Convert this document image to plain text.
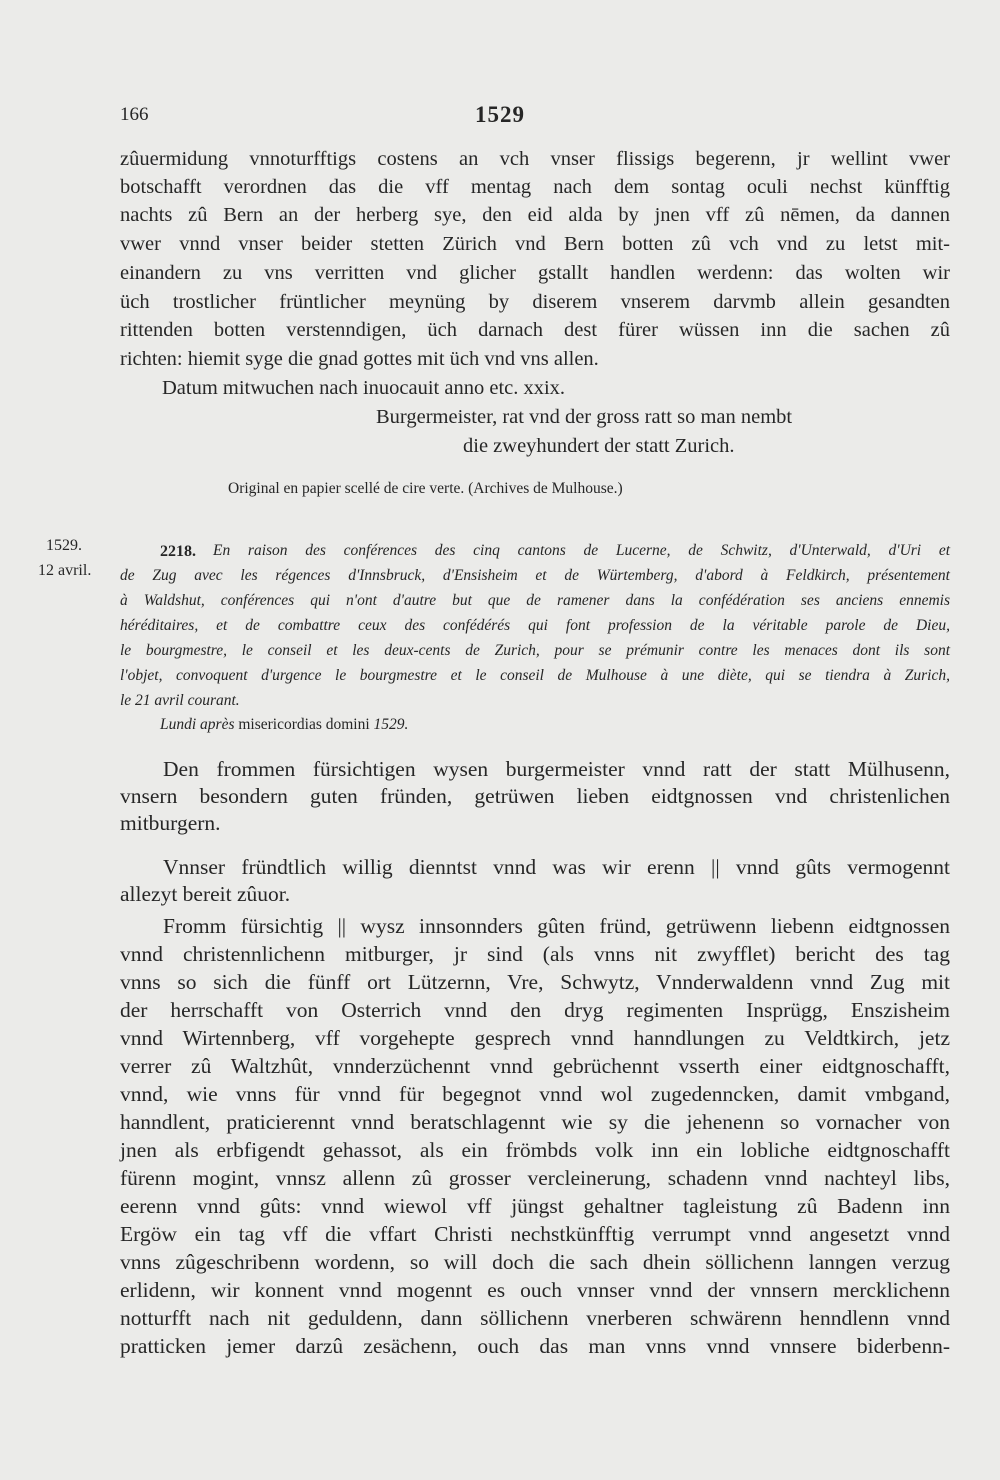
166	1529
zûuermidung vnnoturfftigs costens an vch vnser flissigs begerenn, jr wellint vwer
botschafft verordnen das die vff mentag nach dem sontag oculi nechst künfftig
nachts zû Bern an der herberg sye, den eid alda by jnen vff zû nēmen, da dannen
vwer vnnd vnser beider stetten Zürich vnd Bern botten zû vch vnd zu letst mit-
einandern zu vns verritten vnd glicher gstallt handlen werdenn: das wolten wir
üch trostlicher früntlicher meynüng by diserem vnserem darvmb allein gesandten
rittenden botten verstenndigen, üch darnach dest fürer wüssen inn die sachen zû
richten: hiemit syge die gnad gottes mit üch vnd vns allen.
Datum mitwuchen nach inuocauit anno etc. xxix.
Burgermeister, rat vnd der gross ratt so man nembt
die zweyhundert der statt Zurich.
Original en papier scellé de cire verte. (Archives de Mulhouse.)
1529.
12 avril.
2218. En raison des conférences des cinq cantons de Lucerne, de Schwitz, d'Unterwald, d'Uri et
de Zug avec les régences d'Innsbruck, d'Ensisheim et de Würtemberg, d'abord à Feldkirch, présentement
à Waldshut, conférences qui n'ont d'autre but que de ramener dans la confédération ses anciens ennemis
héréditaires, et de combattre ceux des confédérés qui font profession de la véritable parole de Dieu,
le bourgmestre, le conseil et les deux-cents de Zurich, pour se prémunir contre les menaces dont ils sont
l'objet, convoquent d'urgence le bourgmestre et le conseil de Mulhouse à une diète, qui se tiendra à Zurich,
le 21 avril courant.
Lundi après misericordias domini 1529.
Den frommen fürsichtigen wysen burgermeister vnnd ratt der statt Mülhusenn,
vnsern besondern guten fründen, getrüwen lieben eidtgnossen vnd christenlichen
mitburgern.
Vnnser fründtlich willig dienntst vnnd was wir erenn || vnnd gûts vermogennt
allezyt bereit zûuor.
Fromm fürsichtig || wysz innsonnders gûten fründ, getrüwenn liebenn eidtgnossen
vnnd christennlichenn mitburger, jr sind (als vnns nit zwyfflet) bericht des tag
vnns so sich die fünff ort Lützernn, Vre, Schwytz, Vnnderwaldenn vnnd Zug mit
der herrschafft von Osterrich vnnd den dryg regimenten Insprügg, Enszisheim
vnnd Wirtennberg, vff vorgehepte gesprech vnnd hanndlungen zu Veldtkirch, jetz
verrer zû Waltzhût, vnnderzüchennt vnnd gebrüchennt vsserth einer eidtgnoschafft,
vnnd, wie vnns für vnnd für begegnot vnnd wol zugedenncken, damit vmbgand,
hanndlent, praticierennt vnnd beratschlagennt wie sy die jehenenn so vornacher von
jnen als erbfigendt gehassot, als ein frömbds volk inn ein lobliche eidtgnoschafft
fürenn mogint, vnnsz allenn zû grosser vercleinerung, schadenn vnnd nachteyl libs,
eerenn vnnd gûts: vnnd wiewol vff jüngst gehaltner tagleistung zû Badenn inn
Ergöw ein tag vff die vffart Christi nechstkünfftig verrumpt vnnd angesetzt vnnd
vnns zûgeschribenn wordenn, so will doch die sach dhein söllichenn lanngen verzug
erlidenn, wir konnent vnnd mogennt es ouch vnnser vnnd der vnnsern mercklichenn
notturfft nach nit geduldenn, dann söllichenn vnerberen schwärenn henndlenn vnnd
pratticken jemer darzû zesächenn, ouch das man vnns vnnd vnnsere biderbenn-
